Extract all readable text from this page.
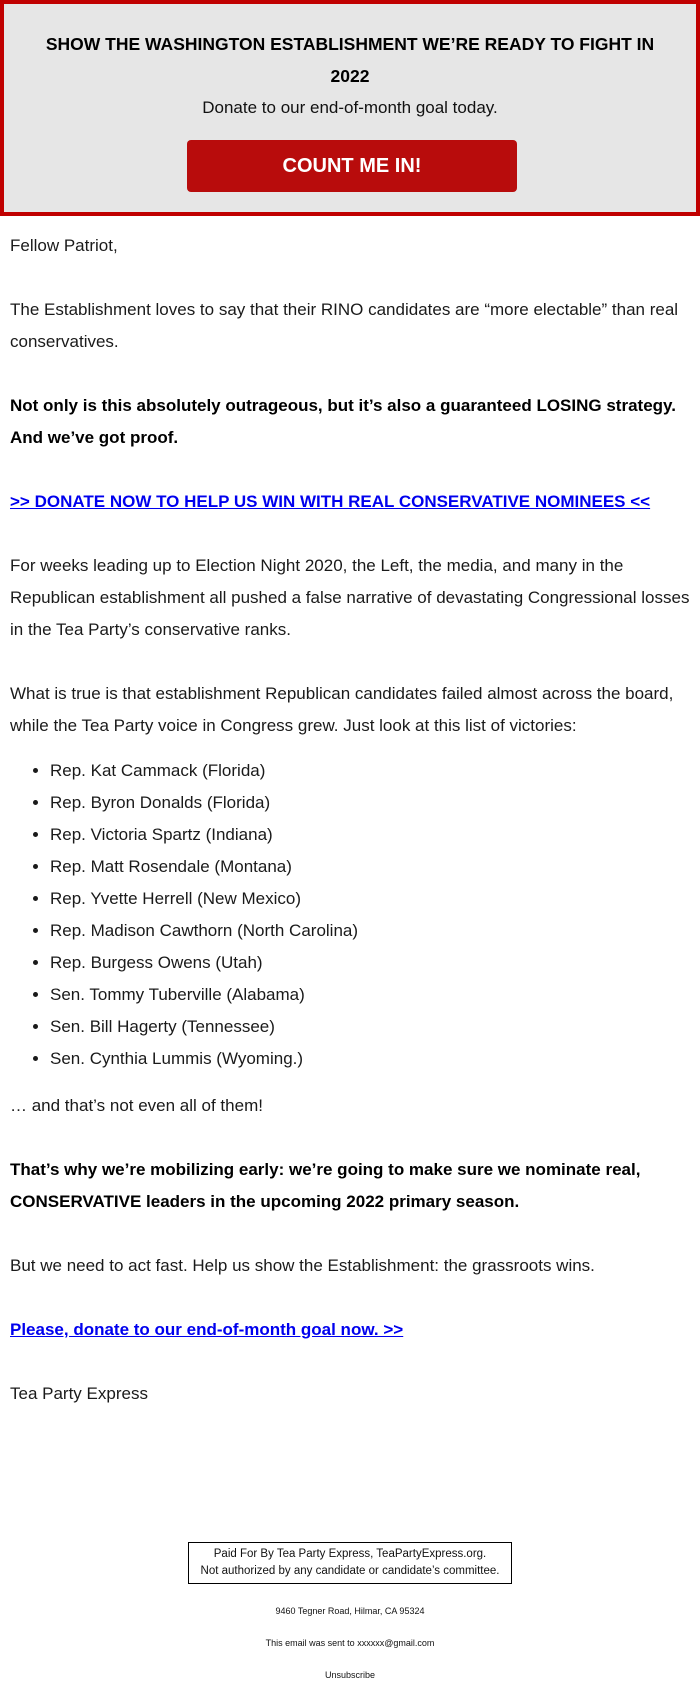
SHOW THE WASHINGTON ESTABLISHMENT WE’RE READY TO FIGHT IN 2022
Donate to our end-of-month goal today.
COUNT ME IN!

Fellow Patriot,

The Establishment loves to say that their RINO candidates are “more electable” than real conservatives.

Not only is this absolutely outrageous, but it’s also a guaranteed LOSING strategy. And we’ve got proof.

>> DONATE NOW TO HELP US WIN WITH REAL CONSERVATIVE NOMINEES <<

For weeks leading up to Election Night 2020, the Left, the media, and many in the Republican establishment all pushed a false narrative of devastating Congressional losses in the Tea Party’s conservative ranks.

What is true is that establishment Republican candidates failed almost across the board, while the Tea Party voice in Congress grew. Just look at this list of victories:

• Rep. Kat Cammack (Florida)
• Rep. Byron Donalds (Florida)
• Rep. Victoria Spartz (Indiana)
• Rep. Matt Rosendale (Montana)
• Rep. Yvette Herrell (New Mexico)
• Rep. Madison Cawthorn (North Carolina)
• Rep. Burgess Owens (Utah)
• Sen. Tommy Tuberville (Alabama)
• Sen. Bill Hagerty (Tennessee)
• Sen. Cynthia Lummis (Wyoming.)

… and that’s not even all of them!

That’s why we’re mobilizing early: we’re going to make sure we nominate real, CONSERVATIVE leaders in the upcoming 2022 primary season.

But we need to act fast. Help us show the Establishment: the grassroots wins.

Please, donate to our end-of-month goal now. >>

Tea Party Express

Paid For By Tea Party Express, TeaPartyExpress.org.
Not authorized by any candidate or candidate’s committee.
9460 Tegner Road, Hilmar, CA 95324
This email was sent to xxxxxx@gmail.com
Unsubscribe
